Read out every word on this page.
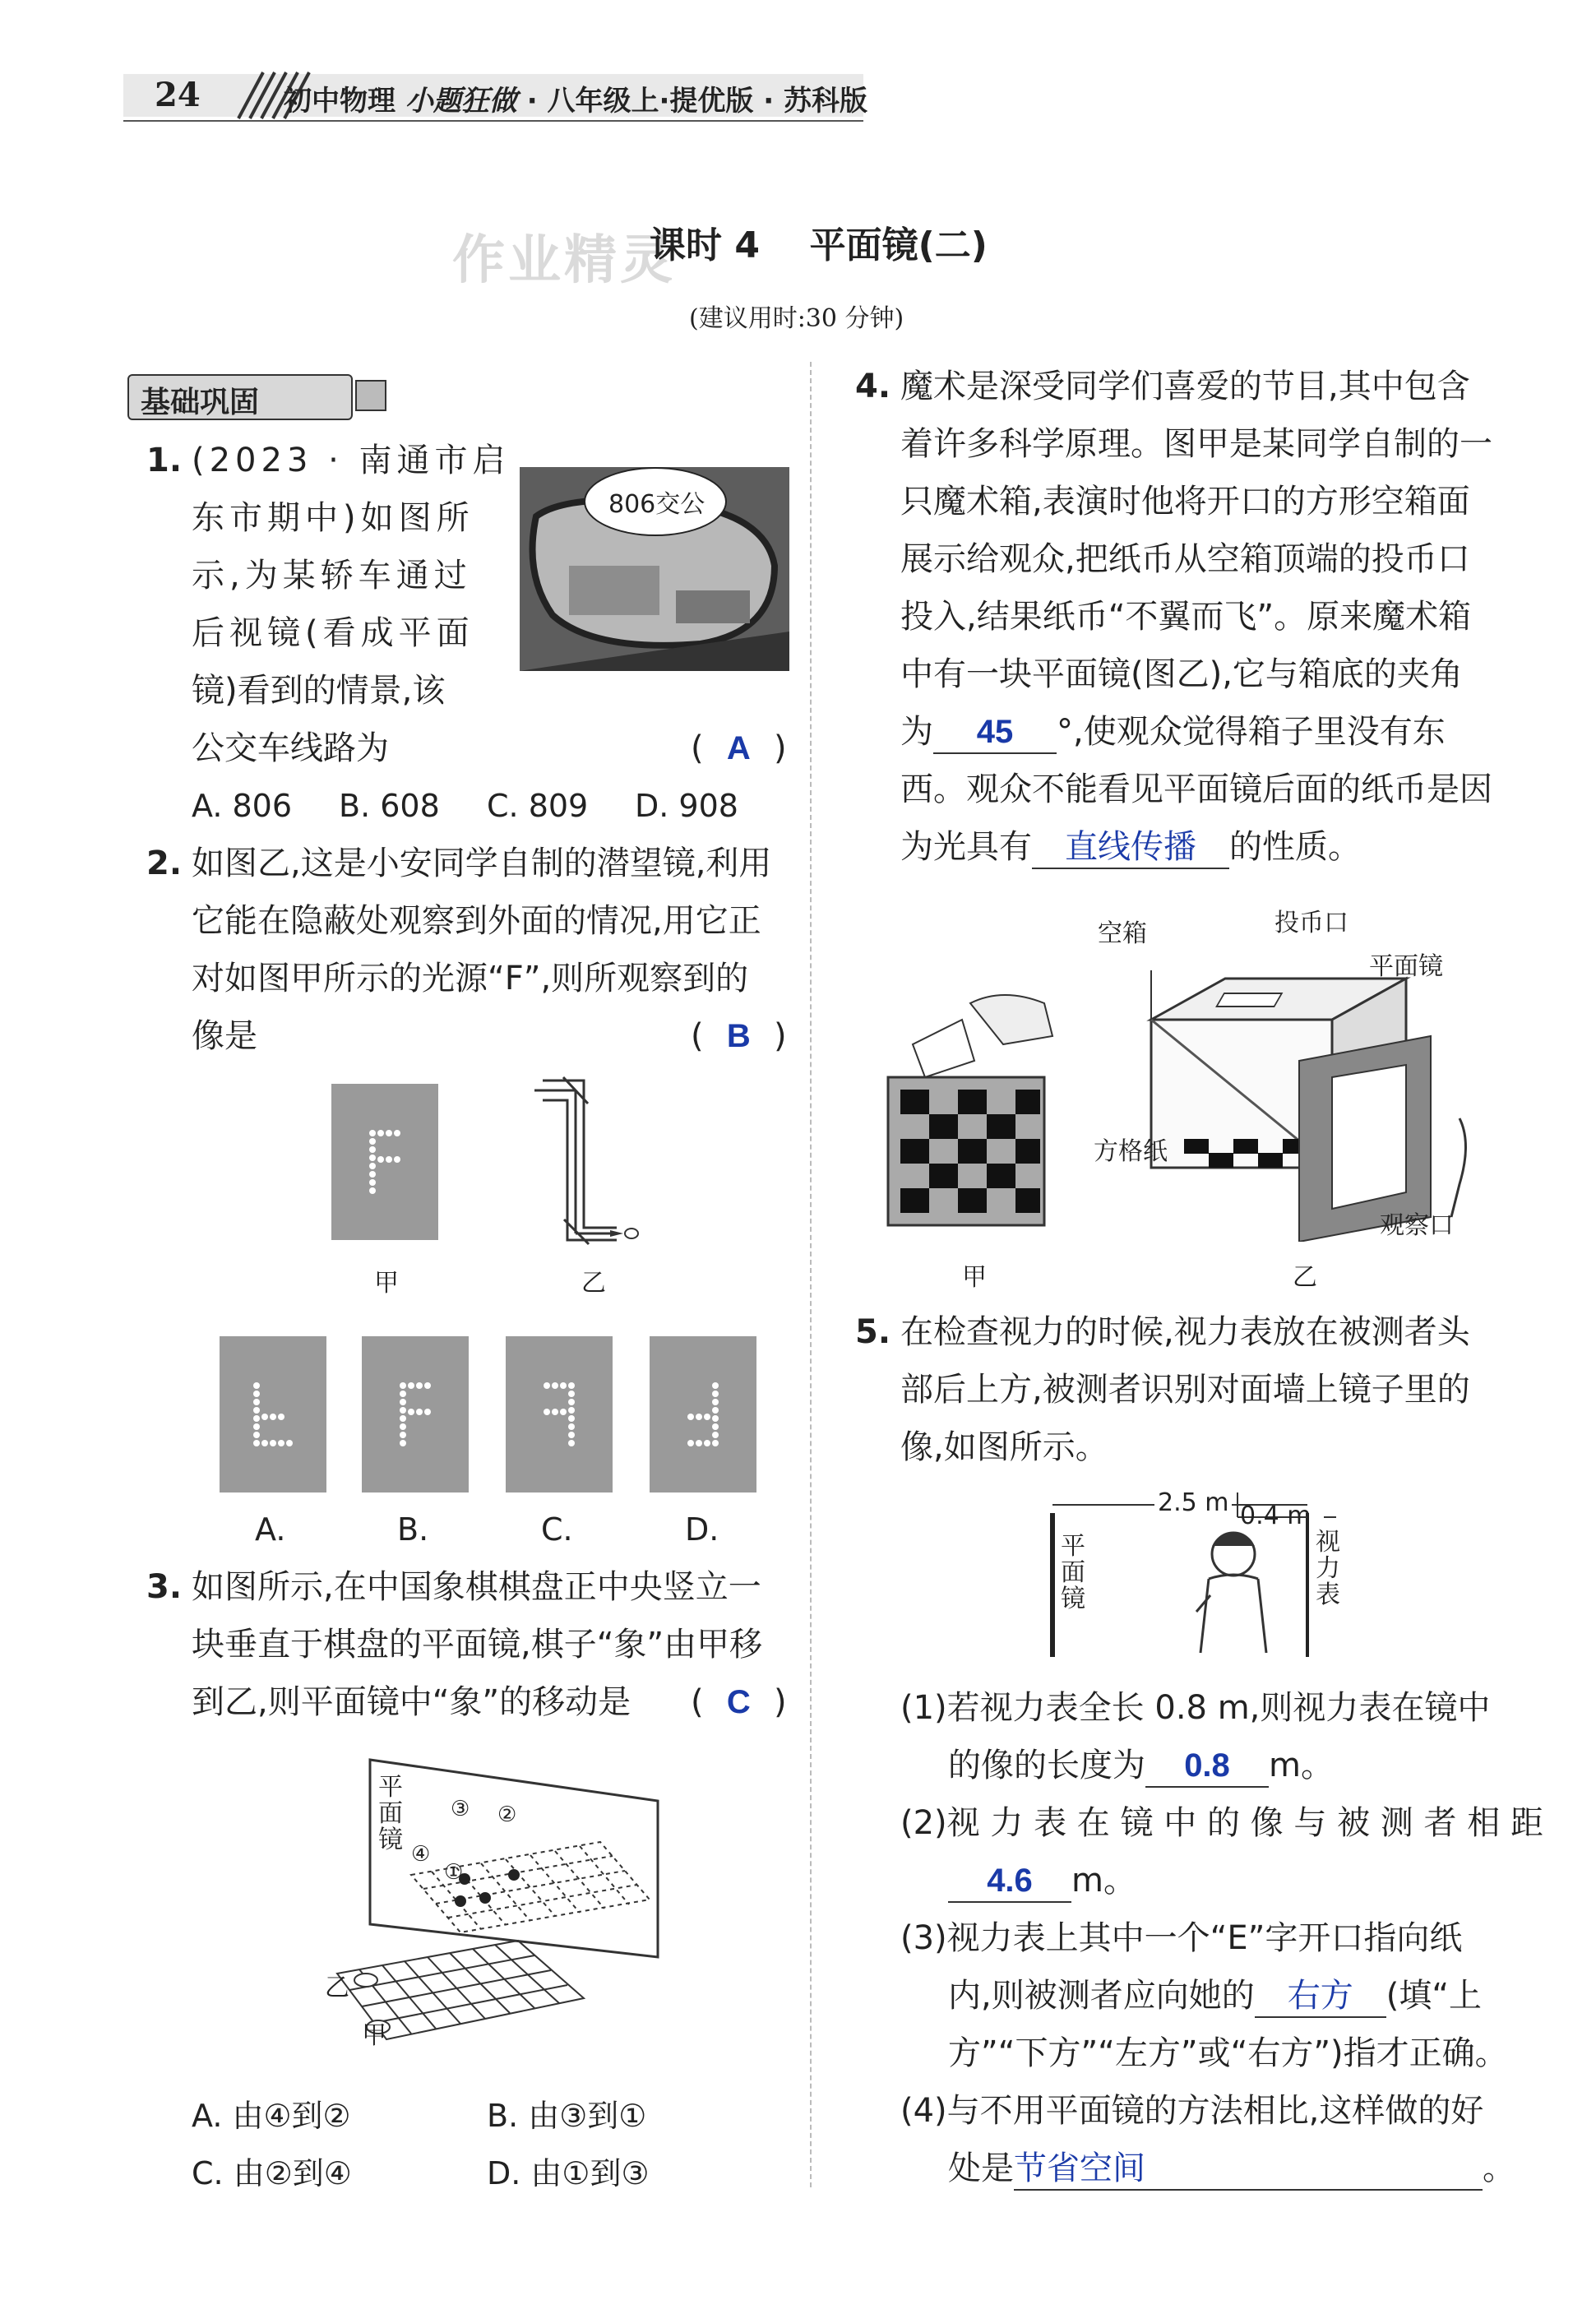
24	初中物理 小题狂做 · 八年级上·提优版 · 苏科版
作业精灵
课时 4 平面镜(二)
(建议用时:30 分钟)
基础巩固
1. (2023 · 南通市启
东市期中)如图所
示,为某轿车通过
后视镜(看成平面
镜)看到的情景,该
公交车线路为	( A )
806交公
A. 806 B. 608 C. 809 D. 908
2. 如图乙,这是小安同学自制的潜望镜,利用
它能在隐蔽处观察到外面的情况,用它正
对如图甲所示的光源“F”,则所观察到的
像是	( B )
甲	乙
A.	B.	C.	D.
3. 如图所示,在中国象棋棋盘正中央竖立一
块垂直于棋盘的平面镜,棋子“象”由甲移
到乙,则平面镜中“象”的移动是 ( C )
平面镜
③ ②
④
①
乙
甲
A. 由④到②	B. 由③到①
C. 由②到④	D. 由①到③
4. 魔术是深受同学们喜爱的节目,其中包含
着许多科学原理。图甲是某同学自制的一
只魔术箱,表演时他将开口的方形空箱面
展示给观众,把纸币从空箱顶端的投币口
投入,结果纸币“不翼而飞”。原来魔术箱
中有一块平面镜(图乙),它与箱底的夹角
为 45 °,使观众觉得箱子里没有东
西。观众不能看见平面镜后面的纸币是因
为光具有 直线传播 的性质。
甲
空箱	投币口
平面镜
方格纸
观察口
乙
5. 在检查视力的时候,视力表放在被测者头
部后上方,被测者识别对面墙上镜子里的
像,如图所示。
2.5 m 0.4 m
平面镜
视力表
(1)若视力表全长 0.8 m,则视力表在镜中
的像的长度为 0.8 m。
(2)视 力 表 在 镜 中 的 像 与 被 测 者 相 距
4.6 m。
(3)视力表上其中一个“E”字开口指向纸
内,则被测者应向她的 右方 (填“上
方”“下方”“左方”或“右方”)指才正确。
(4)与不用平面镜的方法相比,这样做的好
处是节省空间	。
